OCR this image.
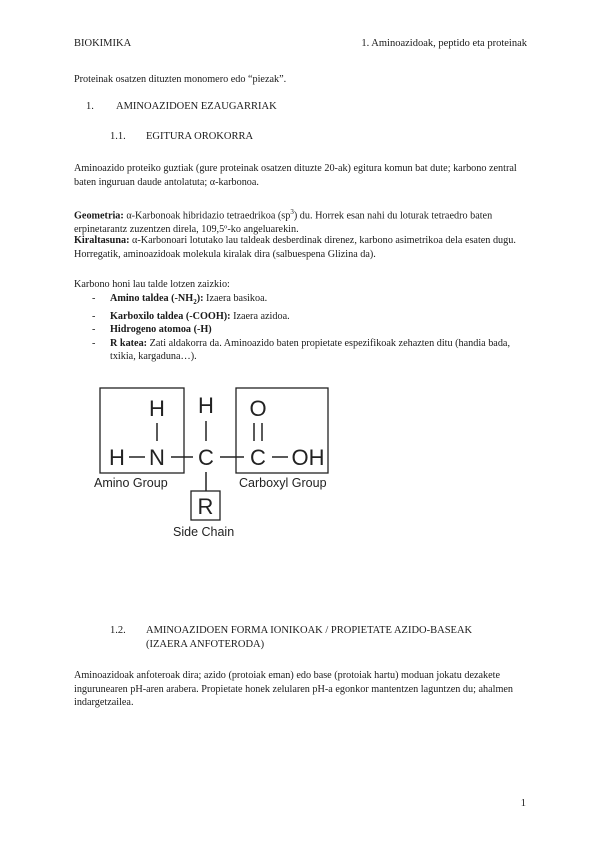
BIOKIMIKA	1. Aminoazidoak, peptido eta proteinak

Proteinak osatzen dituzten monomero edo “piezak”.

1. AMINOAZIDOEN EZAUGARRIAK
1.1. EGITURA OROKORRA

Aminoazido proteiko guztiak (gure proteinak osatzen dituzte 20-ak) egitura komun bat dute; karbono zentral baten inguruan daude antolatuta; α-karbonoa.

Geometria: α-Karbonoak hibridazio tetraedrikoa $(sp^3)$ du. Horrek esan nahi du loturak tetraedro baten erpinetarantz zuzentzen direla, 109,5º-ko angeluarekin.

Kiraltasuna: α-Karbonoari lotutako lau taldeak desberdinak direnez, karbono asimetrikoa dela esaten dugu. Horregatik, aminoazidoak molekula kiralak dira (salbuespena Glizina da).

Karbono honi lau talde lotzen zaizkio:

- Amino taldea $(-NH_2)$: Izaera basikoa.
- Karboxilo taldea (-COOH): Izaera azidoa.
- Hidrogeno atomoa (-H)
- R katea: Zati aldakorra da. Aminoazido baten propietate espezifikoak zehazten ditu (handia bada, txikia, kargaduna…).
H H O
H N C C OH
R
Amino Group	Carboxyl Group
Side Chain
1.2. AMINOAZIDOEN FORMA IONIKOAK / PROPIETATE AZIDO-BASEAK
(IZAERA ANFOTERODA)

Aminoazidoak anfoteroak dira; azido (protoiak eman) edo base (protoiak hartu) moduan jokatu dezakete ingurunearen pH-aren arabera. Propietate honek zelularen pH-a egonkor mantentzen laguntzen du; ahalmen indargetzailea.

1
